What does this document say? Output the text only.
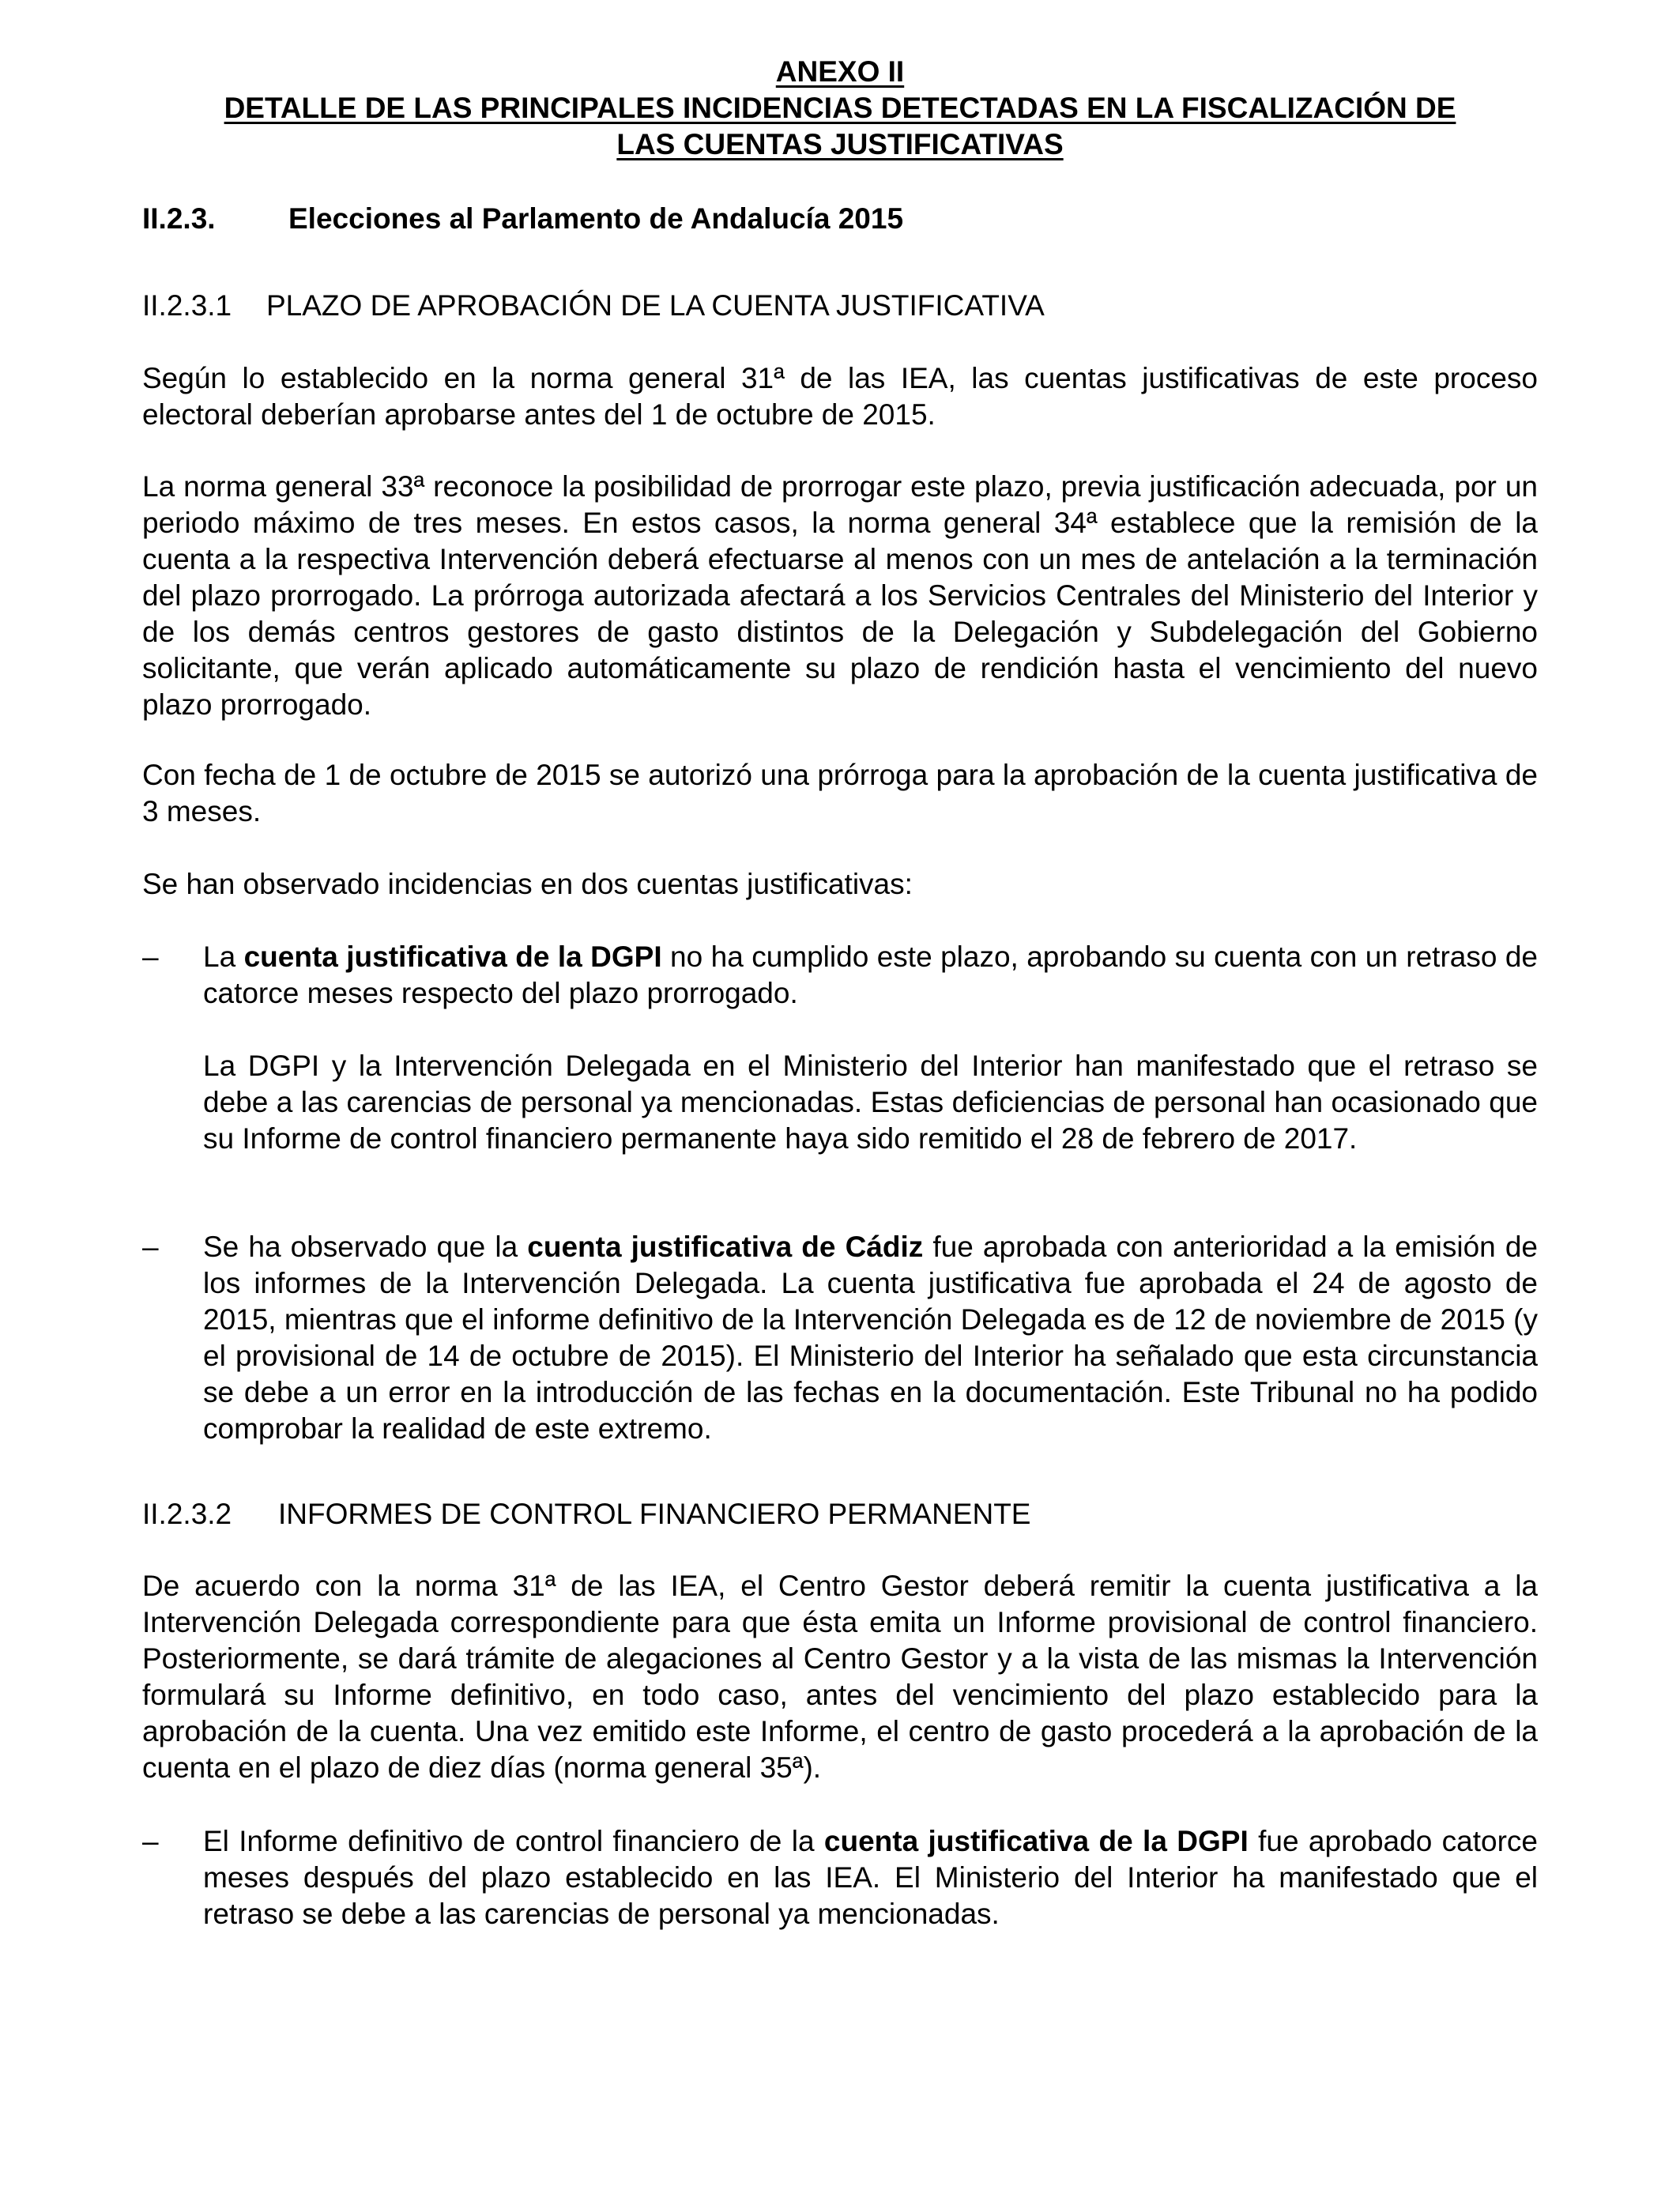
ANEXO II
DETALLE DE LAS PRINCIPALES INCIDENCIAS DETECTADAS EN LA FISCALIZACIÓN DE
LAS CUENTAS JUSTIFICATIVAS
II.2.3. Elecciones al Parlamento de Andalucía 2015
II.2.3.1 PLAZO DE APROBACIÓN DE LA CUENTA JUSTIFICATIVA
Según lo establecido en la norma general 31ª de las IEA, las cuentas justificativas de este proceso electoral deberían aprobarse antes del 1 de octubre de 2015.
La norma general 33ª reconoce la posibilidad de prorrogar este plazo, previa justificación adecuada, por un periodo máximo de tres meses. En estos casos, la norma general 34ª establece que la remisión de la cuenta a la respectiva Intervención deberá efectuarse al menos con un mes de antelación a la terminación del plazo prorrogado. La prórroga autorizada afectará a los Servicios Centrales del Ministerio del Interior y de los demás centros gestores de gasto distintos de la Delegación y Subdelegación del Gobierno solicitante, que verán aplicado automáticamente su plazo de rendición hasta el vencimiento del nuevo plazo prorrogado.
Con fecha de 1 de octubre de 2015 se autorizó una prórroga para la aprobación de la cuenta justificativa de 3 meses.
Se han observado incidencias en dos cuentas justificativas:
– La cuenta justificativa de la DGPI no ha cumplido este plazo, aprobando su cuenta con un retraso de catorce meses respecto del plazo prorrogado.
La DGPI y la Intervención Delegada en el Ministerio del Interior han manifestado que el retraso se debe a las carencias de personal ya mencionadas. Estas deficiencias de personal han ocasionado que su Informe de control financiero permanente haya sido remitido el 28 de febrero de 2017.
– Se ha observado que la cuenta justificativa de Cádiz fue aprobada con anterioridad a la emisión de los informes de la Intervención Delegada. La cuenta justificativa fue aprobada el 24 de agosto de 2015, mientras que el informe definitivo de la Intervención Delegada es de 12 de noviembre de 2015 (y el provisional de 14 de octubre de 2015). El Ministerio del Interior ha señalado que esta circunstancia se debe a un error en la introducción de las fechas en la documentación. Este Tribunal no ha podido comprobar la realidad de este extremo.
II.2.3.2 INFORMES DE CONTROL FINANCIERO PERMANENTE
De acuerdo con la norma 31ª de las IEA, el Centro Gestor deberá remitir la cuenta justificativa a la Intervención Delegada correspondiente para que ésta emita un Informe provisional de control financiero. Posteriormente, se dará trámite de alegaciones al Centro Gestor y a la vista de las mismas la Intervención formulará su Informe definitivo, en todo caso, antes del vencimiento del plazo establecido para la aprobación de la cuenta. Una vez emitido este Informe, el centro de gasto procederá a la aprobación de la cuenta en el plazo de diez días (norma general 35ª).
– El Informe definitivo de control financiero de la cuenta justificativa de la DGPI fue aprobado catorce meses después del plazo establecido en las IEA. El Ministerio del Interior ha manifestado que el retraso se debe a las carencias de personal ya mencionadas.
